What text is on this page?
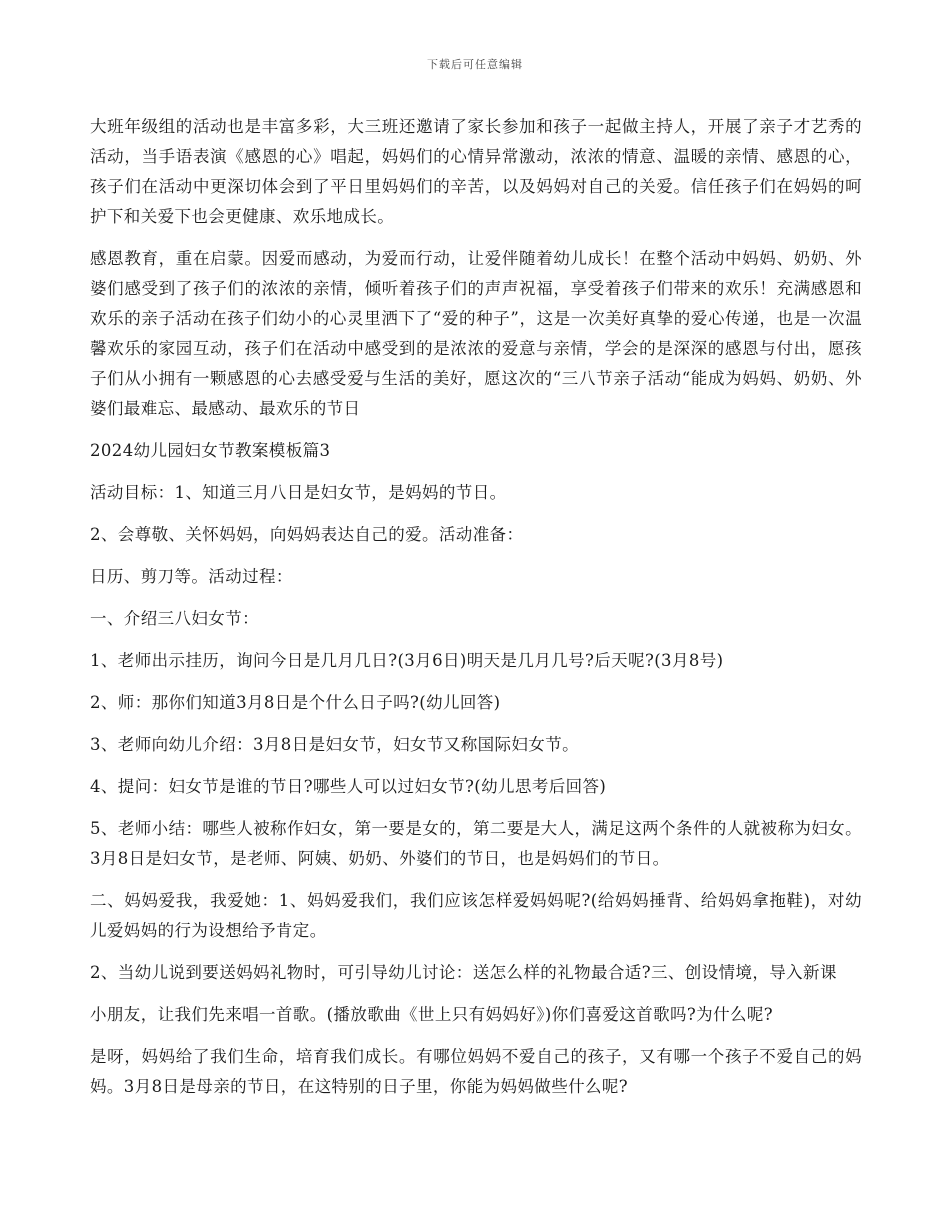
下载后可任意编辑

大班年级组的活动也是丰富多彩，大三班还邀请了家长参加和孩子一起做主持人，开展了亲子才艺秀的活动，当手语表演《感恩的心》唱起，妈妈们的心情异常激动，浓浓的情意、温暖的亲情、感恩的心，孩子们在活动中更深切体会到了平日里妈妈们的辛苦，以及妈妈对自己的关爱。信任孩子们在妈妈的呵护下和关爱下也会更健康、欢乐地成长。

感恩教育，重在启蒙。因爱而感动，为爱而行动，让爱伴随着幼儿成长！在整个活动中妈妈、奶奶、外婆们感受到了孩子们的浓浓的亲情，倾听着孩子们的声声祝福，享受着孩子们带来的欢乐！充满感恩和欢乐的亲子活动在孩子们幼小的心灵里洒下了“爱的种子”，这是一次美好真挚的爱心传递，也是一次温馨欢乐的家园互动，孩子们在活动中感受到的是浓浓的爱意与亲情，学会的是深深的感恩与付出，愿孩子们从小拥有一颗感恩的心去感受爱与生活的美好，愿这次的“三八节亲子活动“能成为妈妈、奶奶、外婆们最难忘、最感动、最欢乐的节日

2024幼儿园妇女节教案模板篇3

活动目标：1、知道三月八日是妇女节，是妈妈的节日。

2、会尊敬、关怀妈妈，向妈妈表达自己的爱。活动准备：

日历、剪刀等。活动过程：

一、介绍三八妇女节：

1、老师出示挂历，询问今日是几月几日?(3月6日)明天是几月几号?后天呢?(3月8号)

2、师：那你们知道3月8日是个什么日子吗?(幼儿回答)

3、老师向幼儿介绍：3月8日是妇女节，妇女节又称国际妇女节。

4、提问：妇女节是谁的节日?哪些人可以过妇女节?(幼儿思考后回答)

5、老师小结：哪些人被称作妇女，第一要是女的，第二要是大人，满足这两个条件的人就被称为妇女。3月8日是妇女节，是老师、阿姨、奶奶、外婆们的节日，也是妈妈们的节日。

二、妈妈爱我，我爱她：1、妈妈爱我们，我们应该怎样爱妈妈呢?(给妈妈捶背、给妈妈拿拖鞋)，对幼儿爱妈妈的行为设想给予肯定。

2、当幼儿说到要送妈妈礼物时，可引导幼儿讨论：送怎么样的礼物最合适?三、创设情境，导入新课

小朋友，让我们先来唱一首歌。(播放歌曲《世上只有妈妈好》)你们喜爱这首歌吗?为什么呢?

是呀，妈妈给了我们生命，培育我们成长。有哪位妈妈不爱自己的孩子，又有哪一个孩子不爱自己的妈妈。3月8日是母亲的节日，在这特别的日子里，你能为妈妈做些什么呢?
